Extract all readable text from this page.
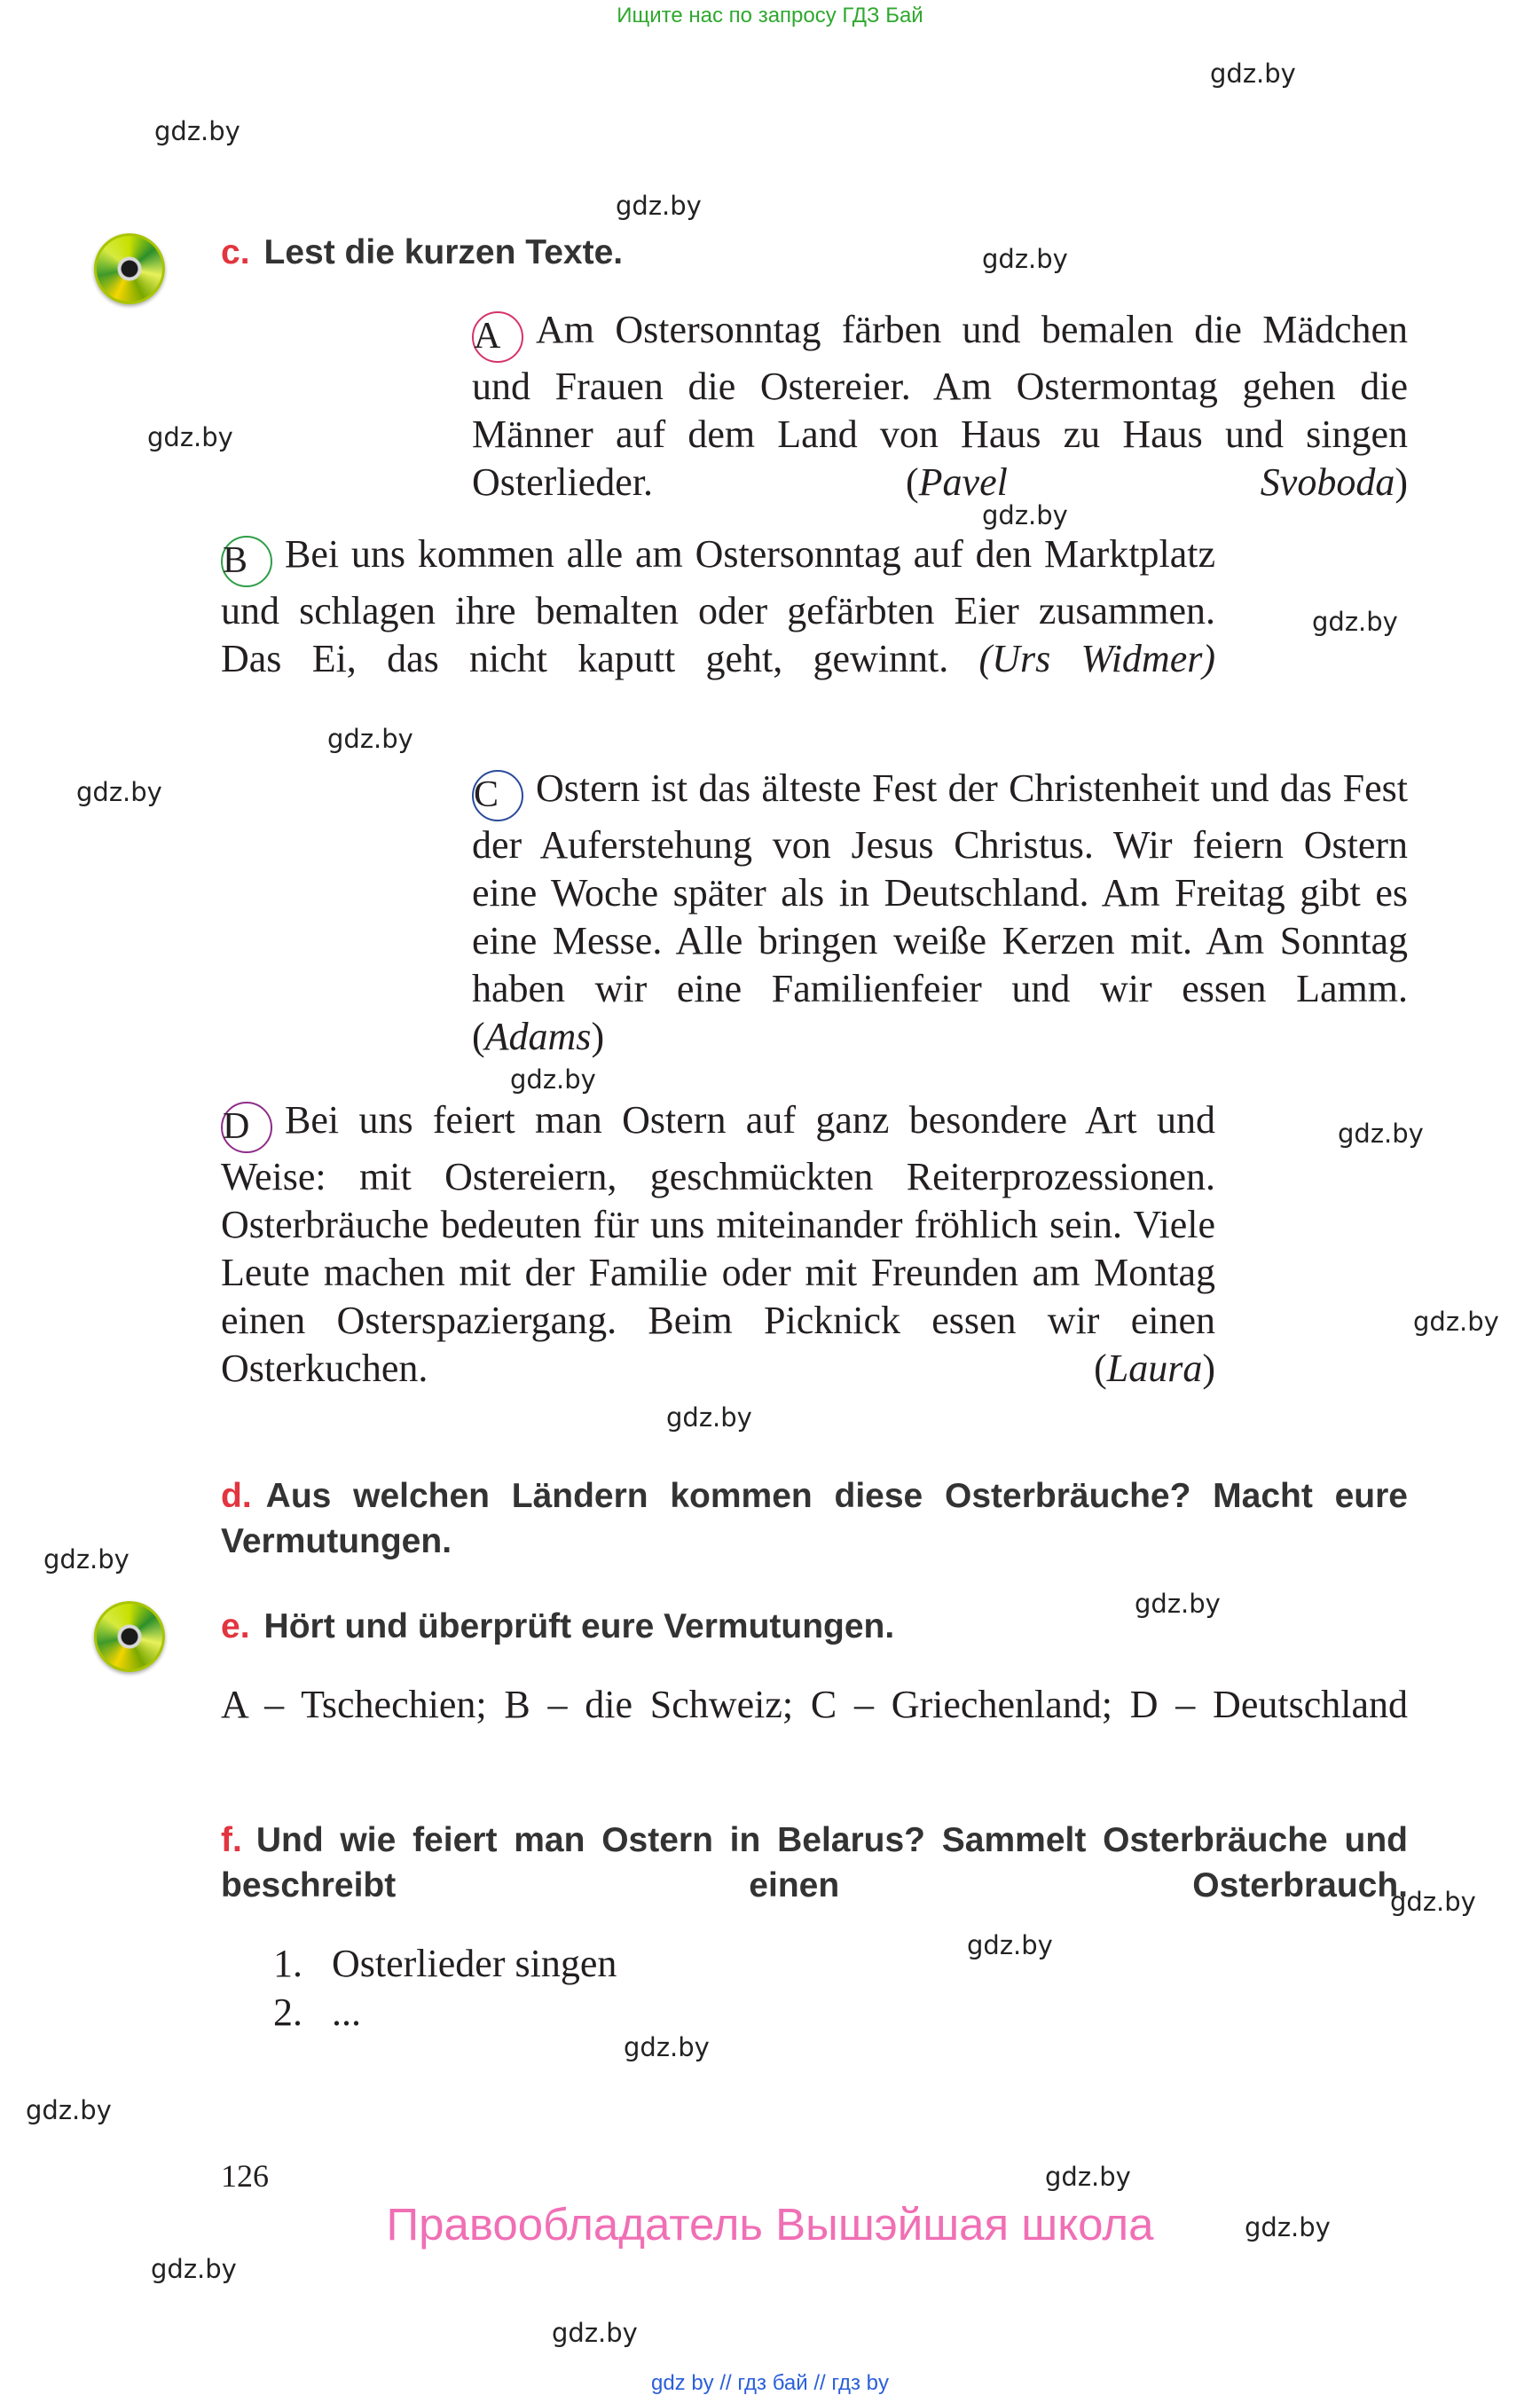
Ищите нас по запросу ГДЗ Бай
gdz.by
gdz.by
gdz.by
gdz.by
gdz.by
gdz.by
gdz.by
gdz.by
gdz.by
gdz.by
gdz.by
gdz.by
gdz.by
gdz.by
gdz.by
gdz.by
gdz.by
gdz.by
gdz.by
gdz.by
gdz.by
gdz.by
gdz.by
c. Lest die kurzen Texte.
A Am Ostersonntag färben und bemalen die Mädchen und Frauen die Ostereier. Am Ostermontag gehen die Männer auf dem Land von Haus zu Haus und singen Osterlieder. (Pavel Svoboda)
B Bei uns kommen alle am Ostersonntag auf den Marktplatz und schlagen ihre bemalten oder gefärbten Eier zusammen. Das Ei, das nicht kaputt geht, gewinnt. (Urs Widmer)
C Ostern ist das älteste Fest der Christenheit und das Fest der Auferstehung von Jesus Christus. Wir feiern Ostern eine Woche später als in Deutschland. Am Freitag gibt es eine Messe. Alle bringen weiße Kerzen mit. Am Sonntag haben wir eine Familienfeier und wir essen Lamm. (Adams)
D Bei uns feiert man Ostern auf ganz besondere Art und Weise: mit Ostereiern, geschmückten Reiterprozessionen. Osterbräuche bedeuten für uns miteinander fröhlich sein. Viele Leute machen mit der Familie oder mit Freunden am Montag einen Osterspaziergang. Beim Picknick essen wir einen Osterkuchen. (Laura)
d. Aus welchen Ländern kommen diese Osterbräuche? Macht eure Vermutungen.
e. Hört und überprüft eure Vermutungen.
A – Tschechien; B – die Schweiz; C – Griechenland; D – Deutschland
f. Und wie feiert man Ostern in Belarus? Sammelt Osterbräuche und beschreibt einen Osterbrauch.
1. Osterlieder singen
2. ...
126
Правообладатель Вышэйшая школа
gdz by // гдз бай // гдз by
